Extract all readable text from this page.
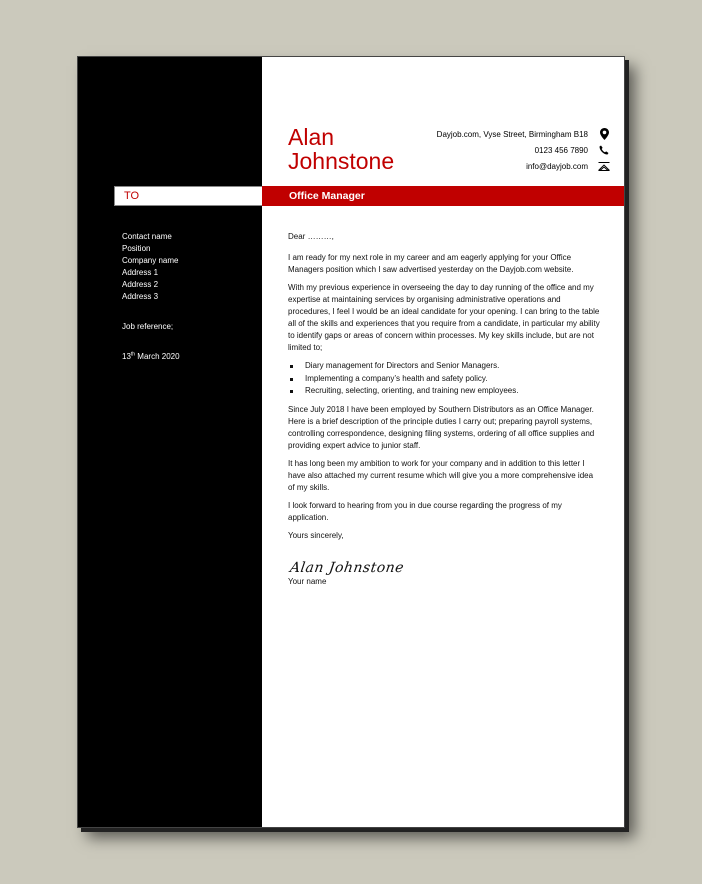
Alan
Johnstone
Dayjob.com, Vyse Street, Birmingham B18
0123 456 7890
info@dayjob.com
TO	Office Manager
Contact name
Position
Company name
Address 1
Address 2
Address 3
Job reference;
13th March 2020

Dear ………,

I am ready for my next role in my career and am eagerly applying for your Office Managers position which I saw advertised yesterday on the Dayjob.com website.

With my previous experience in overseeing the day to day running of the office and my expertise at maintaining services by organising administrative operations and procedures, I feel I would be an ideal candidate for your opening. I can bring to the table all of the skills and experiences that you require from a candidate, in particular my ability to identify gaps or areas of concern within processes. My key skills include, but are not limited to;

Diary management for Directors and Senior Managers.
Implementing a company’s health and safety policy.
Recruiting, selecting, orienting, and training new employees.

Since July 2018 I have been employed by Southern Distributors as an Office Manager. Here is a brief description of the principle duties I carry out; preparing payroll systems, controlling correspondence, designing filing systems, ordering of all office supplies and providing expert advice to junior staff.

It has long been my ambition to work for your company and in addition to this letter I have also attached my current resume which will give you a more comprehensive idea of my skills.

I look forward to hearing from you in due course regarding the progress of my application.

Yours sincerely,

Alan Johnstone

Your name
